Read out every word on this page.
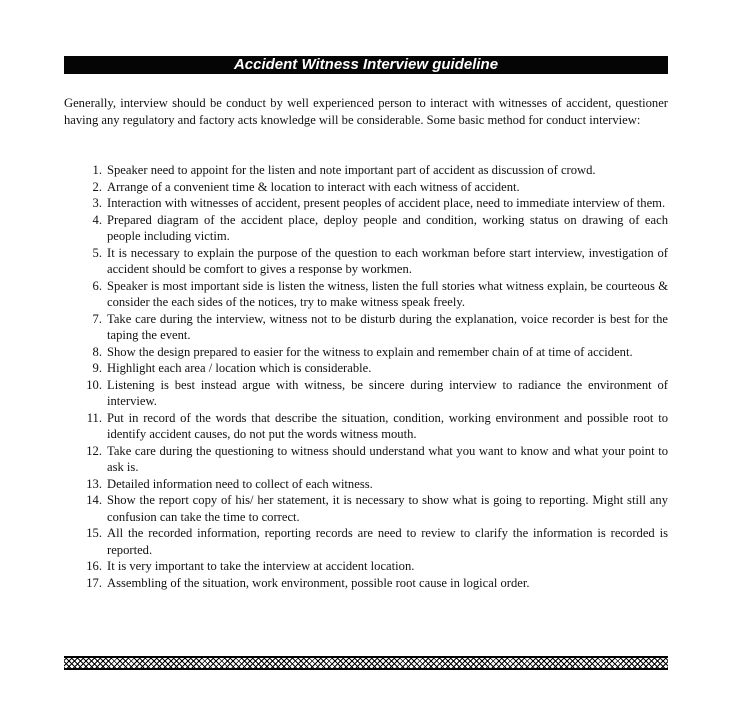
Accident Witness Interview guideline

Generally, interview should be conduct by well experienced person to interact with witnesses of accident, questioner having any regulatory and factory acts knowledge will be considerable. Some basic method for conduct interview:

1. Speaker need to appoint for the listen and note important part of accident as discussion of crowd.
2. Arrange of a convenient time & location to interact with each witness of accident.
3. Interaction with witnesses of accident, present peoples of accident place, need to immediate interview of them.
4. Prepared diagram of the accident place, deploy people and condition, working status on drawing of each people including victim.
5. It is necessary to explain the purpose of the question to each workman before start interview, investigation of accident should be comfort to gives a response by workmen.
6. Speaker is most important side is listen the witness, listen the full stories what witness explain, be courteous & consider the each sides of the notices, try to make witness speak freely.
7. Take care during the interview, witness not to be disturb during the explanation, voice recorder is best for the taping the event.
8. Show the design prepared to easier for the witness to explain and remember chain of at time of accident.
9. Highlight each area / location which is considerable.
10. Listening is best instead argue with witness, be sincere during interview to radiance the environment of interview.
11. Put in record of the words that describe the situation, condition, working environment and possible root to identify accident causes, do not put the words witness mouth.
12. Take care during the questioning to witness should understand what you want to know and what your point to ask is.
13. Detailed information need to collect of each witness.
14. Show the report copy of his/ her statement, it is necessary to show what is going to reporting. Might still any confusion can take the time to correct.
15. All the recorded information, reporting records are need to review to clarify the information is recorded is reported.
16. It is very important to take the interview at accident location.
17. Assembling of the situation, work environment, possible root cause in logical order.
